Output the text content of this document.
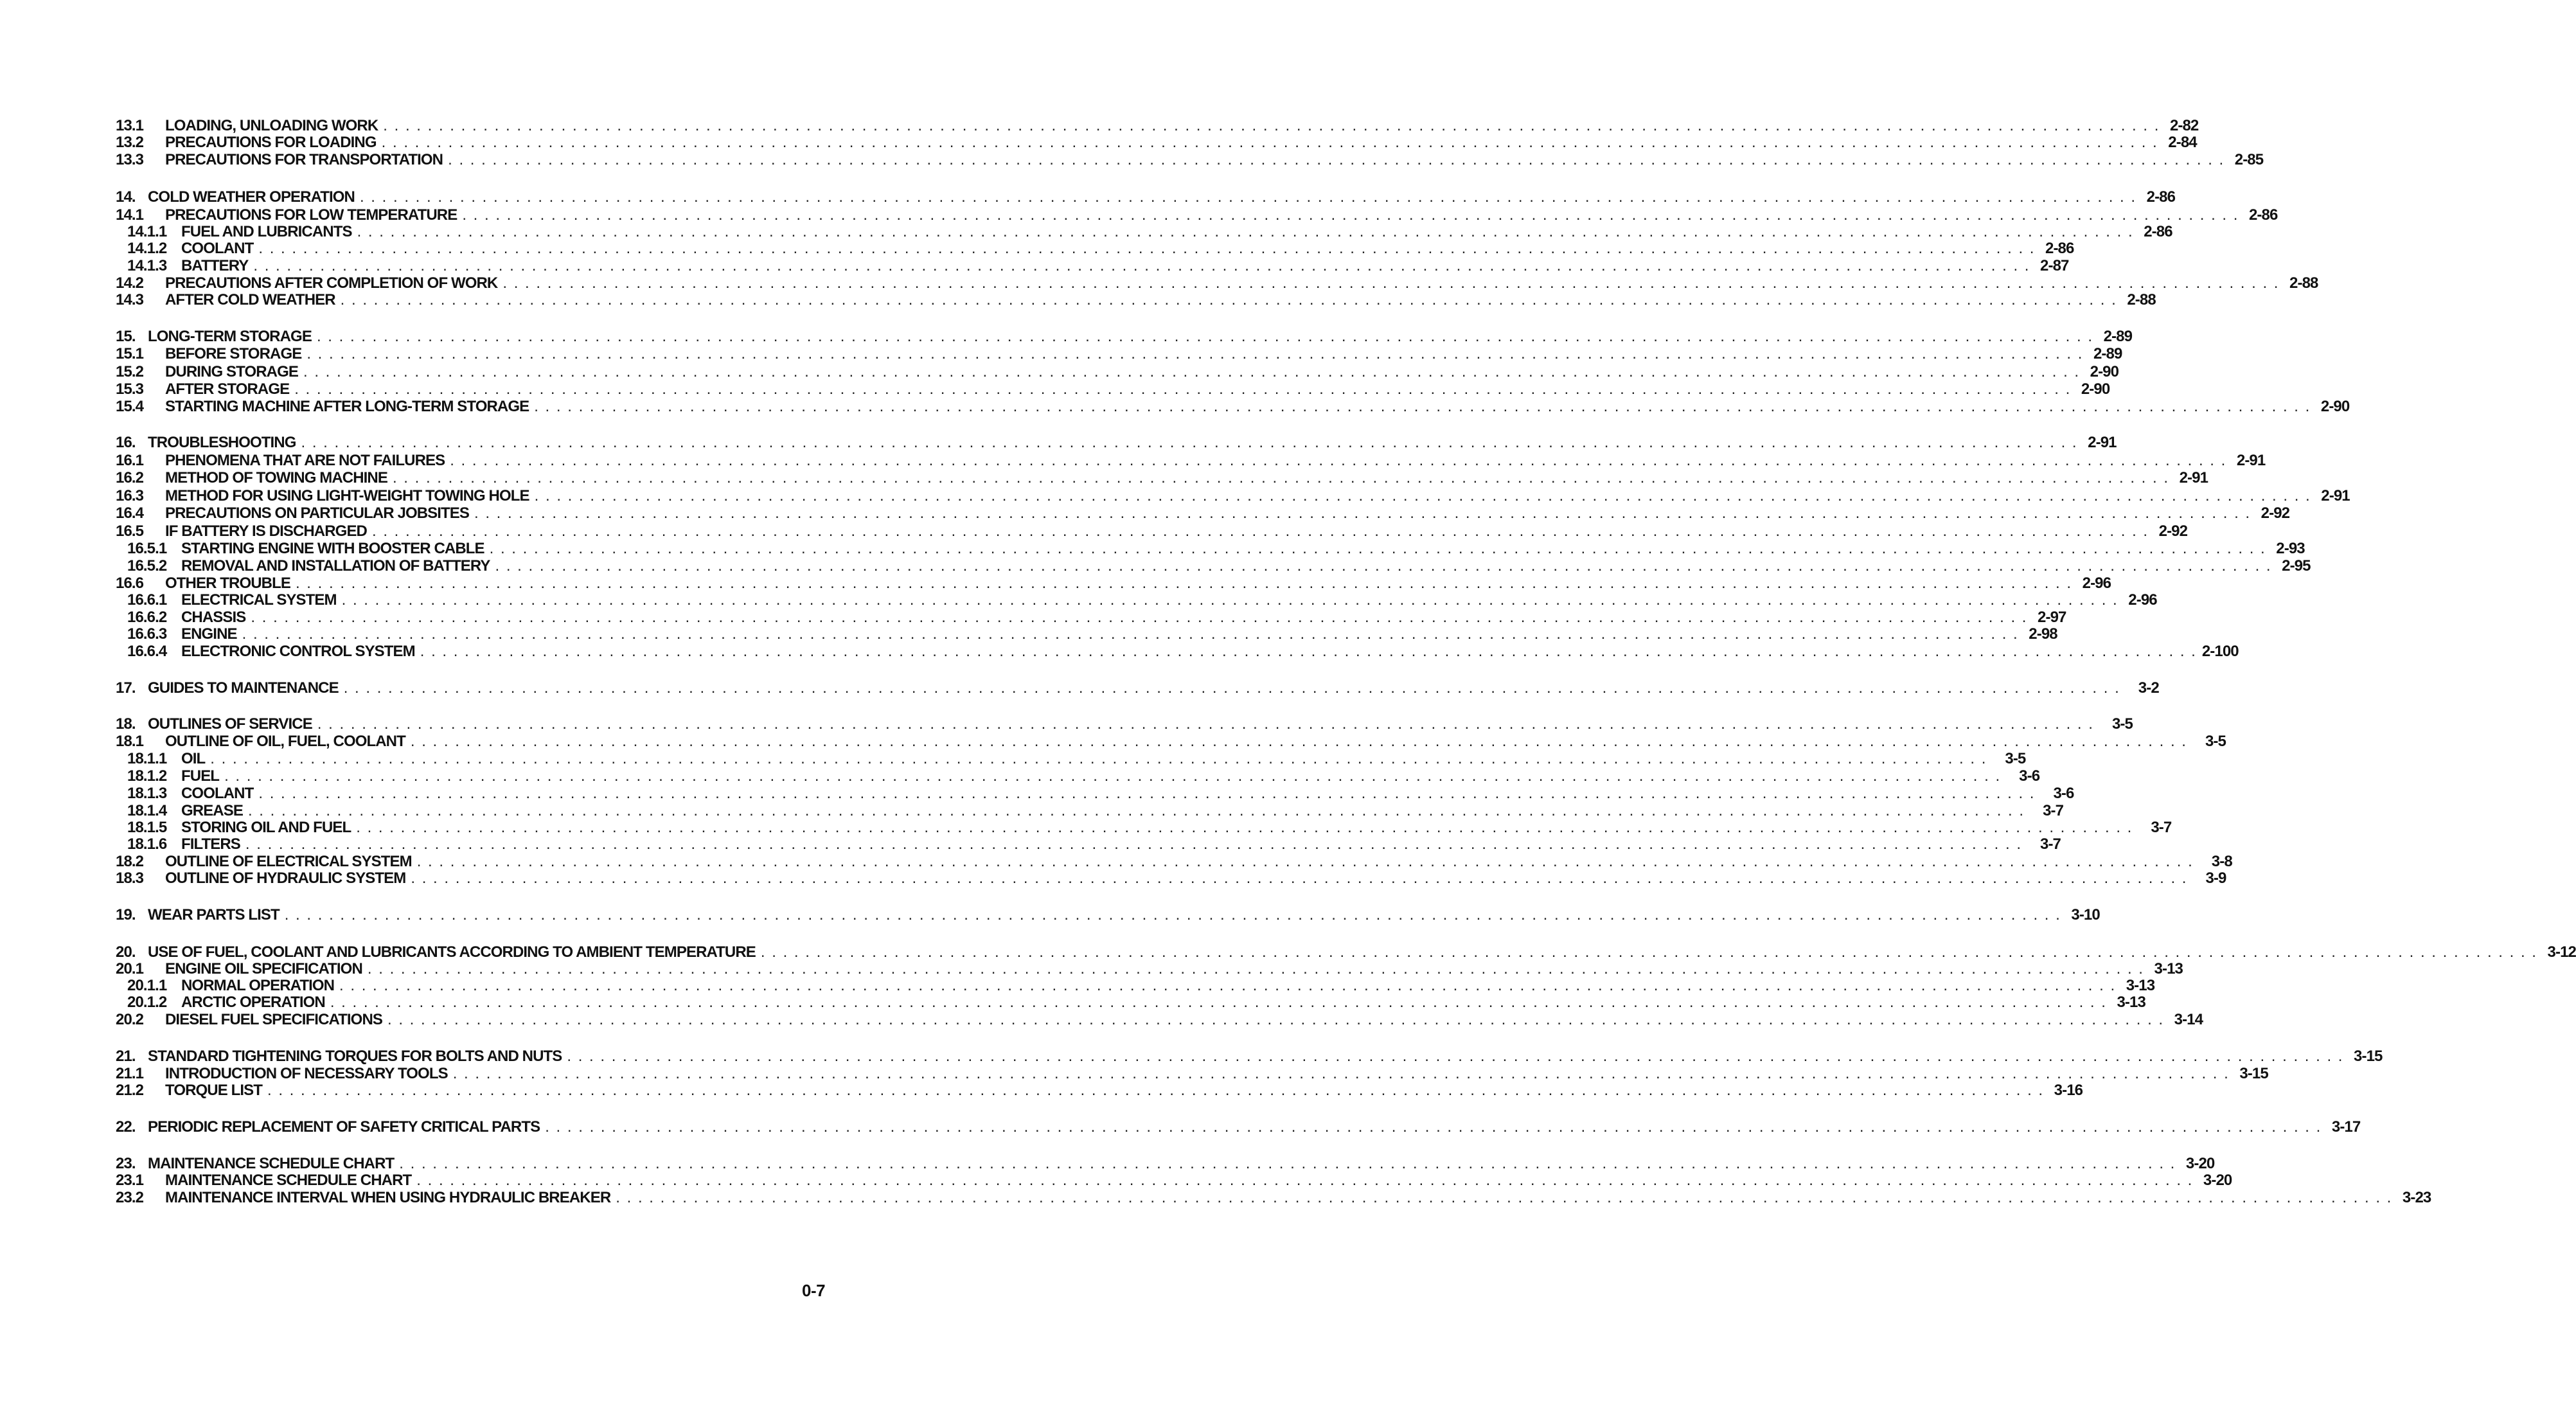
13.1	LOADING, UNLOADING WORK . . . . . . . . . . . . . . . . . . . . . . . . . . . . . . . . . . . . . . . . . . . . . . . . . . . . . . . . . . . . . . . . . . . . . . . . . . . . . . . . . . . . . . . . . . . . . . . . . . . . . . . . . . . . . . . . . . . . . . . . . . . . . . . . . . . . . . . . . . . . . . . . . . . . . . . . . . . . . . . . 2-82
13.2	PRECAUTIONS FOR LOADING . . . . . . . . . . . . . . . . . . . . . . . . . . . . . . . . . . . . . . . . . . . . . . . . . . . . . . . . . . . . . . . . . . . . . . . . . . . . . . . . . . . . . . . . . . . . . . . . . . . . . . . . . . . . . . . . . . . . . . . . . . . . . . . . . . . . . . . . . . . . . . . . . . . . . . . . . . . . . . . . 2-84
13.3	PRECAUTIONS FOR TRANSPORTATION . . . . . . . . . . . . . . . . . . . . . . . . . . . . . . . . . . . . . . . . . . . . . . . . . . . . . . . . . . . . . . . . . . . . . . . . . . . . . . . . . . . . . . . . . . . . . . . . . . . . . . . . . . . . . . . . . . . . . . . . . . . . . . . . . . . . . . . . . . . . . . . . . . . . . . . . . . . . . . . . 2-85
14. COLD WEATHER OPERATION . . . . . . . . . . . . . . . . . . . . . . . . . . . . . . . . . . . . . . . . . . . . . . . . . . . . . . . . . . . . . . . . . . . . . . . . . . . . . . . . . . . . . . . . . . . . . . . . . . . . . . . . . . . . . . . . . . . . . . . . . . . . . . . . . . . . . . . . . . . . . . . . . . . . . . . . . . . . . . . . 2-86
14.1	PRECAUTIONS FOR LOW TEMPERATURE . . . . . . . . . . . . . . . . . . . . . . . . . . . . . . . . . . . . . . . . . . . . . . . . . . . . . . . . . . . . . . . . . . . . . . . . . . . . . . . . . . . . . . . . . . . . . . . . . . . . . . . . . . . . . . . . . . . . . . . . . . . . . . . . . . . . . . . . . . . . . . . . . . . . . . . . . . . . . . . . 2-86
14.1.1 FUEL AND LUBRICANTS . . . . . . . . . . . . . . . . . . . . . . . . . . . . . . . . . . . . . . . . . . . . . . . . . . . . . . . . . . . . . . . . . . . . . . . . . . . . . . . . . . . . . . . . . . . . . . . . . . . . . . . . . . . . . . . . . . . . . . . . . . . . . . . . . . . . . . . . . . . . . . . . . . . . . . . . . . . . . . . . 2-86
14.1.2 COOLANT . . . . . . . . . . . . . . . . . . . . . . . . . . . . . . . . . . . . . . . . . . . . . . . . . . . . . . . . . . . . . . . . . . . . . . . . . . . . . . . . . . . . . . . . . . . . . . . . . . . . . . . . . . . . . . . . . . . . . . . . . . . . . . . . . . . . . . . . . . . . . . . . . . . . . . . . . . . . . . . . 2-86
14.1.3 BATTERY . . . . . . . . . . . . . . . . . . . . . . . . . . . . . . . . . . . . . . . . . . . . . . . . . . . . . . . . . . . . . . . . . . . . . . . . . . . . . . . . . . . . . . . . . . . . . . . . . . . . . . . . . . . . . . . . . . . . . . . . . . . . . . . . . . . . . . . . . . . . . . . . . . . . . . . . . . . . . . . . 2-87
14.2	PRECAUTIONS AFTER COMPLETION OF WORK . . . . . . . . . . . . . . . . . . . . . . . . . . . . . . . . . . . . . . . . . . . . . . . . . . . . . . . . . . . . . . . . . . . . . . . . . . . . . . . . . . . . . . . . . . . . . . . . . . . . . . . . . . . . . . . . . . . . . . . . . . . . . . . . . . . . . . . . . . . . . . . . . . . . . . . . . . . . . . . . 2-88
14.3	AFTER COLD WEATHER . . . . . . . . . . . . . . . . . . . . . . . . . . . . . . . . . . . . . . . . . . . . . . . . . . . . . . . . . . . . . . . . . . . . . . . . . . . . . . . . . . . . . . . . . . . . . . . . . . . . . . . . . . . . . . . . . . . . . . . . . . . . . . . . . . . . . . . . . . . . . . . . . . . . . . . . . . . . . . . . 2-88
15. LONG-TERM STORAGE . . . . . . . . . . . . . . . . . . . . . . . . . . . . . . . . . . . . . . . . . . . . . . . . . . . . . . . . . . . . . . . . . . . . . . . . . . . . . . . . . . . . . . . . . . . . . . . . . . . . . . . . . . . . . . . . . . . . . . . . . . . . . . . . . . . . . . . . . . . . . . . . . . . . . . . . . . . . . . . . 2-89
15.1	BEFORE STORAGE . . . . . . . . . . . . . . . . . . . . . . . . . . . . . . . . . . . . . . . . . . . . . . . . . . . . . . . . . . . . . . . . . . . . . . . . . . . . . . . . . . . . . . . . . . . . . . . . . . . . . . . . . . . . . . . . . . . . . . . . . . . . . . . . . . . . . . . . . . . . . . . . . . . . . . . . . . . . . . . . 2-89
15.2	DURING STORAGE . . . . . . . . . . . . . . . . . . . . . . . . . . . . . . . . . . . . . . . . . . . . . . . . . . . . . . . . . . . . . . . . . . . . . . . . . . . . . . . . . . . . . . . . . . . . . . . . . . . . . . . . . . . . . . . . . . . . . . . . . . . . . . . . . . . . . . . . . . . . . . . . . . . . . . . . . . . . . . . . 2-90
15.3	AFTER STORAGE . . . . . . . . . . . . . . . . . . . . . . . . . . . . . . . . . . . . . . . . . . . . . . . . . . . . . . . . . . . . . . . . . . . . . . . . . . . . . . . . . . . . . . . . . . . . . . . . . . . . . . . . . . . . . . . . . . . . . . . . . . . . . . . . . . . . . . . . . . . . . . . . . . . . . . . . . . . . . . . . 2-90
15.4	STARTING MACHINE AFTER LONG-TERM STORAGE . . . . . . . . . . . . . . . . . . . . . . . . . . . . . . . . . . . . . . . . . . . . . . . . . . . . . . . . . . . . . . . . . . . . . . . . . . . . . . . . . . . . . . . . . . . . . . . . . . . . . . . . . . . . . . . . . . . . . . . . . . . . . . . . . . . . . . . . . . . . . . . . . . . . . . . . . . . . . . . . 2-90
16. TROUBLESHOOTING . . . . . . . . . . . . . . . . . . . . . . . . . . . . . . . . . . . . . . . . . . . . . . . . . . . . . . . . . . . . . . . . . . . . . . . . . . . . . . . . . . . . . . . . . . . . . . . . . . . . . . . . . . . . . . . . . . . . . . . . . . . . . . . . . . . . . . . . . . . . . . . . . . . . . . . . . . . . . . . . 2-91
16.1	PHENOMENA THAT ARE NOT FAILURES . . . . . . . . . . . . . . . . . . . . . . . . . . . . . . . . . . . . . . . . . . . . . . . . . . . . . . . . . . . . . . . . . . . . . . . . . . . . . . . . . . . . . . . . . . . . . . . . . . . . . . . . . . . . . . . . . . . . . . . . . . . . . . . . . . . . . . . . . . . . . . . . . . . . . . . . . . . . . . . . 2-91
16.2	METHOD OF TOWING MACHINE . . . . . . . . . . . . . . . . . . . . . . . . . . . . . . . . . . . . . . . . . . . . . . . . . . . . . . . . . . . . . . . . . . . . . . . . . . . . . . . . . . . . . . . . . . . . . . . . . . . . . . . . . . . . . . . . . . . . . . . . . . . . . . . . . . . . . . . . . . . . . . . . . . . . . . . . . . . . . . . . 2-91
16.3	METHOD FOR USING LIGHT-WEIGHT TOWING HOLE . . . . . . . . . . . . . . . . . . . . . . . . . . . . . . . . . . . . . . . . . . . . . . . . . . . . . . . . . . . . . . . . . . . . . . . . . . . . . . . . . . . . . . . . . . . . . . . . . . . . . . . . . . . . . . . . . . . . . . . . . . . . . . . . . . . . . . . . . . . . . . . . . . . . . . . . . . . . . . . . 2-91
16.4	PRECAUTIONS ON PARTICULAR JOBSITES . . . . . . . . . . . . . . . . . . . . . . . . . . . . . . . . . . . . . . . . . . . . . . . . . . . . . . . . . . . . . . . . . . . . . . . . . . . . . . . . . . . . . . . . . . . . . . . . . . . . . . . . . . . . . . . . . . . . . . . . . . . . . . . . . . . . . . . . . . . . . . . . . . . . . . . . . . . . . . . . 2-92
16.5	IF BATTERY IS DISCHARGED . . . . . . . . . . . . . . . . . . . . . . . . . . . . . . . . . . . . . . . . . . . . . . . . . . . . . . . . . . . . . . . . . . . . . . . . . . . . . . . . . . . . . . . . . . . . . . . . . . . . . . . . . . . . . . . . . . . . . . . . . . . . . . . . . . . . . . . . . . . . . . . . . . . . . . . . . . . . . . . . 2-92
16.5.1 STARTING ENGINE WITH BOOSTER CABLE . . . . . . . . . . . . . . . . . . . . . . . . . . . . . . . . . . . . . . . . . . . . . . . . . . . . . . . . . . . . . . . . . . . . . . . . . . . . . . . . . . . . . . . . . . . . . . . . . . . . . . . . . . . . . . . . . . . . . . . . . . . . . . . . . . . . . . . . . . . . . . . . . . . . . . . . . . . . . . . . 2-93
16.5.2 REMOVAL AND INSTALLATION OF BATTERY . . . . . . . . . . . . . . . . . . . . . . . . . . . . . . . . . . . . . . . . . . . . . . . . . . . . . . . . . . . . . . . . . . . . . . . . . . . . . . . . . . . . . . . . . . . . . . . . . . . . . . . . . . . . . . . . . . . . . . . . . . . . . . . . . . . . . . . . . . . . . . . . . . . . . . . . . . . . . . . . 2-95
16.6	OTHER TROUBLE . . . . . . . . . . . . . . . . . . . . . . . . . . . . . . . . . . . . . . . . . . . . . . . . . . . . . . . . . . . . . . . . . . . . . . . . . . . . . . . . . . . . . . . . . . . . . . . . . . . . . . . . . . . . . . . . . . . . . . . . . . . . . . . . . . . . . . . . . . . . . . . . . . . . . . . . . . . . . . . . 2-96
16.6.1 ELECTRICAL SYSTEM . . . . . . . . . . . . . . . . . . . . . . . . . . . . . . . . . . . . . . . . . . . . . . . . . . . . . . . . . . . . . . . . . . . . . . . . . . . . . . . . . . . . . . . . . . . . . . . . . . . . . . . . . . . . . . . . . . . . . . . . . . . . . . . . . . . . . . . . . . . . . . . . . . . . . . . . . . . . . . . . 2-96
16.6.2 CHASSIS . . . . . . . . . . . . . . . . . . . . . . . . . . . . . . . . . . . . . . . . . . . . . . . . . . . . . . . . . . . . . . . . . . . . . . . . . . . . . . . . . . . . . . . . . . . . . . . . . . . . . . . . . . . . . . . . . . . . . . . . . . . . . . . . . . . . . . . . . . . . . . . . . . . . . . . . . . . . . . . . 2-97
16.6.3 ENGINE . . . . . . . . . . . . . . . . . . . . . . . . . . . . . . . . . . . . . . . . . . . . . . . . . . . . . . . . . . . . . . . . . . . . . . . . . . . . . . . . . . . . . . . . . . . . . . . . . . . . . . . . . . . . . . . . . . . . . . . . . . . . . . . . . . . . . . . . . . . . . . . . . . . . . . . . . . . . . . . . 2-98
16.6.4 ELECTRONIC CONTROL SYSTEM . . . . . . . . . . . . . . . . . . . . . . . . . . . . . . . . . . . . . . . . . . . . . . . . . . . . . . . . . . . . . . . . . . . . . . . . . . . . . . . . . . . . . . . . . . . . . . . . . . . . . . . . . . . . . . . . . . . . . . . . . . . . . . . . . . . . . . . . . . . . . . . . . . . . . . . . . . . . . . . . 2-100
17. GUIDES TO MAINTENANCE . . . . . . . . . . . . . . . . . . . . . . . . . . . . . . . . . . . . . . . . . . . . . . . . . . . . . . . . . . . . . . . . . . . . . . . . . . . . . . . . . . . . . . . . . . . . . . . . . . . . . . . . . . . . . . . . . . . . . . . . . . . . . . . . . . . . . . . . . . . . . . . . . . . . . . . . . . . . . . . .	3-2
18. OUTLINES OF SERVICE . . . . . . . . . . . . . . . . . . . . . . . . . . . . . . . . . . . . . . . . . . . . . . . . . . . . . . . . . . . . . . . . . . . . . . . . . . . . . . . . . . . . . . . . . . . . . . . . . . . . . . . . . . . . . . . . . . . . . . . . . . . . . . . . . . . . . . . . . . . . . . . . . . . . . . . . . . . . . . . .	3-5
18.1	OUTLINE OF OIL, FUEL, COOLANT . . . . . . . . . . . . . . . . . . . . . . . . . . . . . . . . . . . . . . . . . . . . . . . . . . . . . . . . . . . . . . . . . . . . . . . . . . . . . . . . . . . . . . . . . . . . . . . . . . . . . . . . . . . . . . . . . . . . . . . . . . . . . . . . . . . . . . . . . . . . . . . . . . . . . . . . . . . . . . . .	3-5
18.1.1 OIL . . . . . . . . . . . . . . . . . . . . . . . . . . . . . . . . . . . . . . . . . . . . . . . . . . . . . . . . . . . . . . . . . . . . . . . . . . . . . . . . . . . . . . . . . . . . . . . . . . . . . . . . . . . . . . . . . . . . . . . . . . . . . . . . . . . . . . . . . . . . . . . . . . . . . . . . . . . . . . . .	3-5
18.1.2 FUEL . . . . . . . . . . . . . . . . . . . . . . . . . . . . . . . . . . . . . . . . . . . . . . . . . . . . . . . . . . . . . . . . . . . . . . . . . . . . . . . . . . . . . . . . . . . . . . . . . . . . . . . . . . . . . . . . . . . . . . . . . . . . . . . . . . . . . . . . . . . . . . . . . . . . . . . . . . . . . . . .	3-6
18.1.3 COOLANT . . . . . . . . . . . . . . . . . . . . . . . . . . . . . . . . . . . . . . . . . . . . . . . . . . . . . . . . . . . . . . . . . . . . . . . . . . . . . . . . . . . . . . . . . . . . . . . . . . . . . . . . . . . . . . . . . . . . . . . . . . . . . . . . . . . . . . . . . . . . . . . . . . . . . . . . . . . . . . . .	3-6
18.1.4 GREASE . . . . . . . . . . . . . . . . . . . . . . . . . . . . . . . . . . . . . . . . . . . . . . . . . . . . . . . . . . . . . . . . . . . . . . . . . . . . . . . . . . . . . . . . . . . . . . . . . . . . . . . . . . . . . . . . . . . . . . . . . . . . . . . . . . . . . . . . . . . . . . . . . . . . . . . . . . . . . . . .	3-7
18.1.5 STORING OIL AND FUEL . . . . . . . . . . . . . . . . . . . . . . . . . . . . . . . . . . . . . . . . . . . . . . . . . . . . . . . . . . . . . . . . . . . . . . . . . . . . . . . . . . . . . . . . . . . . . . . . . . . . . . . . . . . . . . . . . . . . . . . . . . . . . . . . . . . . . . . . . . . . . . . . . . . . . . . . . . . . . . . .	3-7
18.1.6 FILTERS . . . . . . . . . . . . . . . . . . . . . . . . . . . . . . . . . . . . . . . . . . . . . . . . . . . . . . . . . . . . . . . . . . . . . . . . . . . . . . . . . . . . . . . . . . . . . . . . . . . . . . . . . . . . . . . . . . . . . . . . . . . . . . . . . . . . . . . . . . . . . . . . . . . . . . . . . . . . . . . .	3-7
18.2	OUTLINE OF ELECTRICAL SYSTEM . . . . . . . . . . . . . . . . . . . . . . . . . . . . . . . . . . . . . . . . . . . . . . . . . . . . . . . . . . . . . . . . . . . . . . . . . . . . . . . . . . . . . . . . . . . . . . . . . . . . . . . . . . . . . . . . . . . . . . . . . . . . . . . . . . . . . . . . . . . . . . . . . . . . . . . . . . . . . . . .	3-8
18.3	OUTLINE OF HYDRAULIC SYSTEM . . . . . . . . . . . . . . . . . . . . . . . . . . . . . . . . . . . . . . . . . . . . . . . . . . . . . . . . . . . . . . . . . . . . . . . . . . . . . . . . . . . . . . . . . . . . . . . . . . . . . . . . . . . . . . . . . . . . . . . . . . . . . . . . . . . . . . . . . . . . . . . . . . . . . . . . . . . . . . . .	3-9
19. WEAR PARTS LIST . . . . . . . . . . . . . . . . . . . . . . . . . . . . . . . . . . . . . . . . . . . . . . . . . . . . . . . . . . . . . . . . . . . . . . . . . . . . . . . . . . . . . . . . . . . . . . . . . . . . . . . . . . . . . . . . . . . . . . . . . . . . . . . . . . . . . . . . . . . . . . . . . . . . . . . . . . . . . . . . 3-10
20. USE OF FUEL, COOLANT AND LUBRICANTS ACCORDING TO AMBIENT TEMPERATURE . . . . . . . . . . . . . . . . . . . . . . . . . . . . . . . . . . . . . . . . . . . . . . . . . . . . . . . . . . . . . . . . . . . . . . . . . . . . . . . . . . . . . . . . . . . . . . . . . . . . . . . . . . . . . . . . . . . . . . . . . . . . . . . . . . . . . . . . . . . . . . . . . . . . . . . . . . . . . . . . 3-12
20.1	ENGINE OIL SPECIFICATION . . . . . . . . . . . . . . . . . . . . . . . . . . . . . . . . . . . . . . . . . . . . . . . . . . . . . . . . . . . . . . . . . . . . . . . . . . . . . . . . . . . . . . . . . . . . . . . . . . . . . . . . . . . . . . . . . . . . . . . . . . . . . . . . . . . . . . . . . . . . . . . . . . . . . . . . . . . . . . . . 3-13
20.1.1 NORMAL OPERATION . . . . . . . . . . . . . . . . . . . . . . . . . . . . . . . . . . . . . . . . . . . . . . . . . . . . . . . . . . . . . . . . . . . . . . . . . . . . . . . . . . . . . . . . . . . . . . . . . . . . . . . . . . . . . . . . . . . . . . . . . . . . . . . . . . . . . . . . . . . . . . . . . . . . . . . . . . . . . . . . 3-13
20.1.2 ARCTIC OPERATION . . . . . . . . . . . . . . . . . . . . . . . . . . . . . . . . . . . . . . . . . . . . . . . . . . . . . . . . . . . . . . . . . . . . . . . . . . . . . . . . . . . . . . . . . . . . . . . . . . . . . . . . . . . . . . . . . . . . . . . . . . . . . . . . . . . . . . . . . . . . . . . . . . . . . . . . . . . . . . . . 3-13
20.2	DIESEL FUEL SPECIFICATIONS . . . . . . . . . . . . . . . . . . . . . . . . . . . . . . . . . . . . . . . . . . . . . . . . . . . . . . . . . . . . . . . . . . . . . . . . . . . . . . . . . . . . . . . . . . . . . . . . . . . . . . . . . . . . . . . . . . . . . . . . . . . . . . . . . . . . . . . . . . . . . . . . . . . . . . . . . . . . . . . . 3-14
21. STANDARD TIGHTENING TORQUES FOR BOLTS AND NUTS . . . . . . . . . . . . . . . . . . . . . . . . . . . . . . . . . . . . . . . . . . . . . . . . . . . . . . . . . . . . . . . . . . . . . . . . . . . . . . . . . . . . . . . . . . . . . . . . . . . . . . . . . . . . . . . . . . . . . . . . . . . . . . . . . . . . . . . . . . . . . . . . . . . . . . . . . . . . . . . . 3-15
21.1	INTRODUCTION OF NECESSARY TOOLS . . . . . . . . . . . . . . . . . . . . . . . . . . . . . . . . . . . . . . . . . . . . . . . . . . . . . . . . . . . . . . . . . . . . . . . . . . . . . . . . . . . . . . . . . . . . . . . . . . . . . . . . . . . . . . . . . . . . . . . . . . . . . . . . . . . . . . . . . . . . . . . . . . . . . . . . . . . . . . . . 3-15
21.2	TORQUE LIST . . . . . . . . . . . . . . . . . . . . . . . . . . . . . . . . . . . . . . . . . . . . . . . . . . . . . . . . . . . . . . . . . . . . . . . . . . . . . . . . . . . . . . . . . . . . . . . . . . . . . . . . . . . . . . . . . . . . . . . . . . . . . . . . . . . . . . . . . . . . . . . . . . . . . . . . . . . . . . . . 3-16
22. PERIODIC REPLACEMENT OF SAFETY CRITICAL PARTS . . . . . . . . . . . . . . . . . . . . . . . . . . . . . . . . . . . . . . . . . . . . . . . . . . . . . . . . . . . . . . . . . . . . . . . . . . . . . . . . . . . . . . . . . . . . . . . . . . . . . . . . . . . . . . . . . . . . . . . . . . . . . . . . . . . . . . . . . . . . . . . . . . . . . . . . . . . . . . . . 3-17
23. MAINTENANCE SCHEDULE CHART . . . . . . . . . . . . . . . . . . . . . . . . . . . . . . . . . . . . . . . . . . . . . . . . . . . . . . . . . . . . . . . . . . . . . . . . . . . . . . . . . . . . . . . . . . . . . . . . . . . . . . . . . . . . . . . . . . . . . . . . . . . . . . . . . . . . . . . . . . . . . . . . . . . . . . . . . . . . . . . . 3-20
23.1	MAINTENANCE SCHEDULE CHART . . . . . . . . . . . . . . . . . . . . . . . . . . . . . . . . . . . . . . . . . . . . . . . . . . . . . . . . . . . . . . . . . . . . . . . . . . . . . . . . . . . . . . . . . . . . . . . . . . . . . . . . . . . . . . . . . . . . . . . . . . . . . . . . . . . . . . . . . . . . . . . . . . . . . . . . . . . . . . . . 3-20
23.2	MAINTENANCE INTERVAL WHEN USING HYDRAULIC BREAKER . . . . . . . . . . . . . . . . . . . . . . . . . . . . . . . . . . . . . . . . . . . . . . . . . . . . . . . . . . . . . . . . . . . . . . . . . . . . . . . . . . . . . . . . . . . . . . . . . . . . . . . . . . . . . . . . . . . . . . . . . . . . . . . . . . . . . . . . . . . . . . . . . . . . . . . . . . . . . . . . 3-23
0-7
